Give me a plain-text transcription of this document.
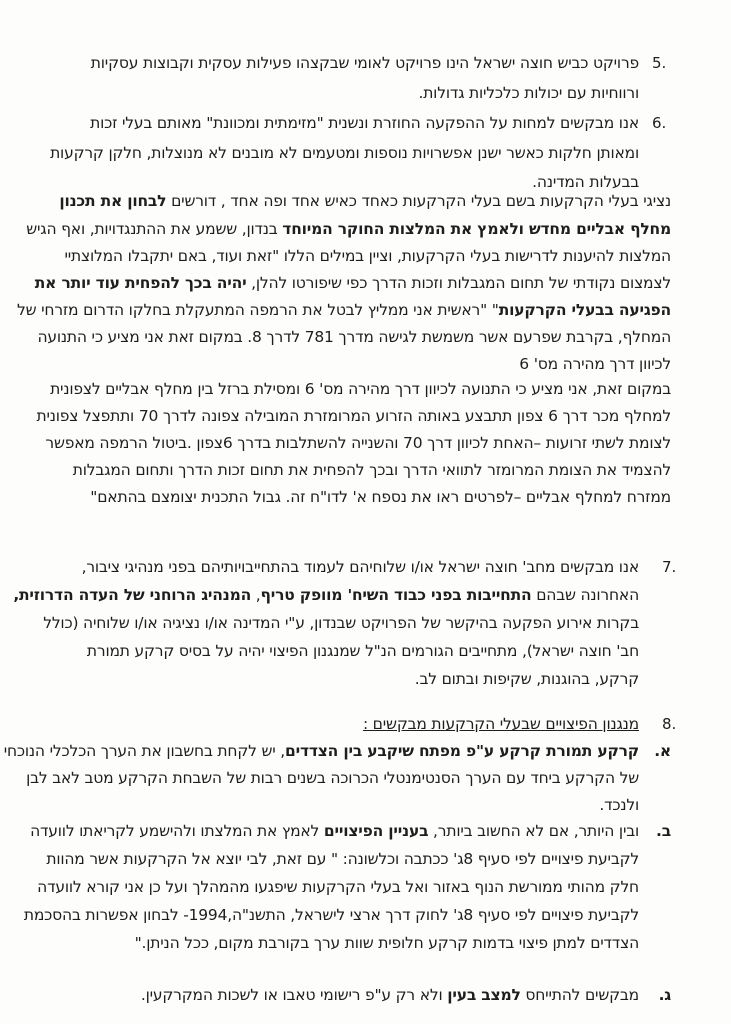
5.
פרויקט כביש חוצה ישראל הינו פרויקט לאומי שבקצהו פעילות עסקית וקבוצות עסקיות
ורווחיות עם יכולות כלכליות גדולות.
6.
אנו מבקשים למחות על ההפקעה החוזרת ונשנית "מזימתית ומכוונת" מאותם בעלי זכות
ומאותן חלקות כאשר ישנן אפשרויות נוספות ומטעמים לא מובנים לא מנוצלות, חלקן קרקעות
בבעלות המדינה.
נציגי בעלי הקרקעות בשם בעלי הקרקעות כאחד כאיש אחד ופה אחד , דורשים לבחון את תכנון
מחלף אבליים מחדש ולאמץ את המלצות החוקר המיוחד בנדון, ששמע את ההתנגדויות, ואף הגיש
המלצות להיענות לדרישות בעלי הקרקעות, וציין במילים הללו "זאת ועוד, באם יתקבלו המלוצתיי
לצמצום נקודתי של תחום המגבלות וזכות הדרך כפי שיפורטו להלן, יהיה בכך להפחית עוד יותר את
הפגיעה בבעלי הקרקעות" "ראשית אני ממליץ לבטל את הרמפה המתעקלת בחלקו הדרום מזרחי של
המחלף, בקרבת שפרעם אשר משמשת לגישה מדרך 781 לדרך 8. במקום זאת אני מציע כי התנועה
לכיוון דרך מהירה מס' 6
במקום זאת, אני מציע כי התנועה לכיוון דרך מהירה מס' 6 ומסילת ברזל בין מחלף אבליים לצפונית
למחלף מכר דרך 6 צפון תתבצע באותה הזרוע המרומזרת המובילה צפונה לדרך 70 ותתפצל צפונית
לצומת לשתי זרועות –האחת לכיוון דרך 70 והשנייה להשתלבות בדרך 6צפון .ביטול הרמפה מאפשר
להצמיד את הצומת המרומזר לתוואי הדרך ובכך להפחית את תחום זכות הדרך ותחום המגבלות
ממזרח למחלף אבליים –לפרטים ראו את נספח א' לדו"ח זה. גבול התכנית יצומצם בהתאם"
7.
אנו מבקשים מחב' חוצה ישראל או/ו שלוחיהם לעמוד בהתחייבויותיהם בפני מנהיגי ציבור,
האחרונה שבהם התחייבות בפני כבוד השיח' מוופק טריף, המנהיג הרוחני של העדה הדרוזית,
בקרות אירוע הפקעה בהיקשר של הפרויקט שבנדון, ע"י המדינה או/ו נציגיה או/ו שלוחיה (כולל
חב' חוצה ישראל), מתחייבים הגורמים הנ"ל שמנגנון הפיצוי יהיה על בסיס קרקע תמורת
קרקע, בהוגנות, שקיפות ובתום לב.
8.
מנגנון הפיצויים שבעלי הקרקעות מבקשים :
א.
קרקע תמורת קרקע ע"פ מפתח שיקבע בין הצדדים, יש לקחת בחשבון את הערך הכלכלי הנוכחי
של הקרקע ביחד עם הערך הסנטימנטלי הכרוכה בשנים רבות של השבחת הקרקע מטב לאב לבן
ולנכד.
ב.
ובין היותר, אם לא החשוב ביותר, בעניין הפיצויים לאמץ את המלצתו ולהישמע לקריאתו לוועדה
לקביעת פיצויים לפי סעיף 8ג' ככתבה וכלשונה: " עם זאת, לבי יוצא אל הקרקעות אשר מהוות
חלק מהותי ממורשת הנוף באזור ואל בעלי הקרקעות שיפגעו מהמהלך ועל כן אני קורא לוועדה
לקביעת פיצויים לפי סעיף 8ג' לחוק דרך ארצי לישראל, התשנ"ה,1994- לבחון אפשרות בהסכמת
הצדדים למתן פיצוי בדמות קרקע חלופית שוות ערך בקורבת מקום, ככל הניתן."
ג.
מבקשים להתייחס למצב בעין ולא רק ע"פ רישומי טאבו או לשכות המקרקעין.
